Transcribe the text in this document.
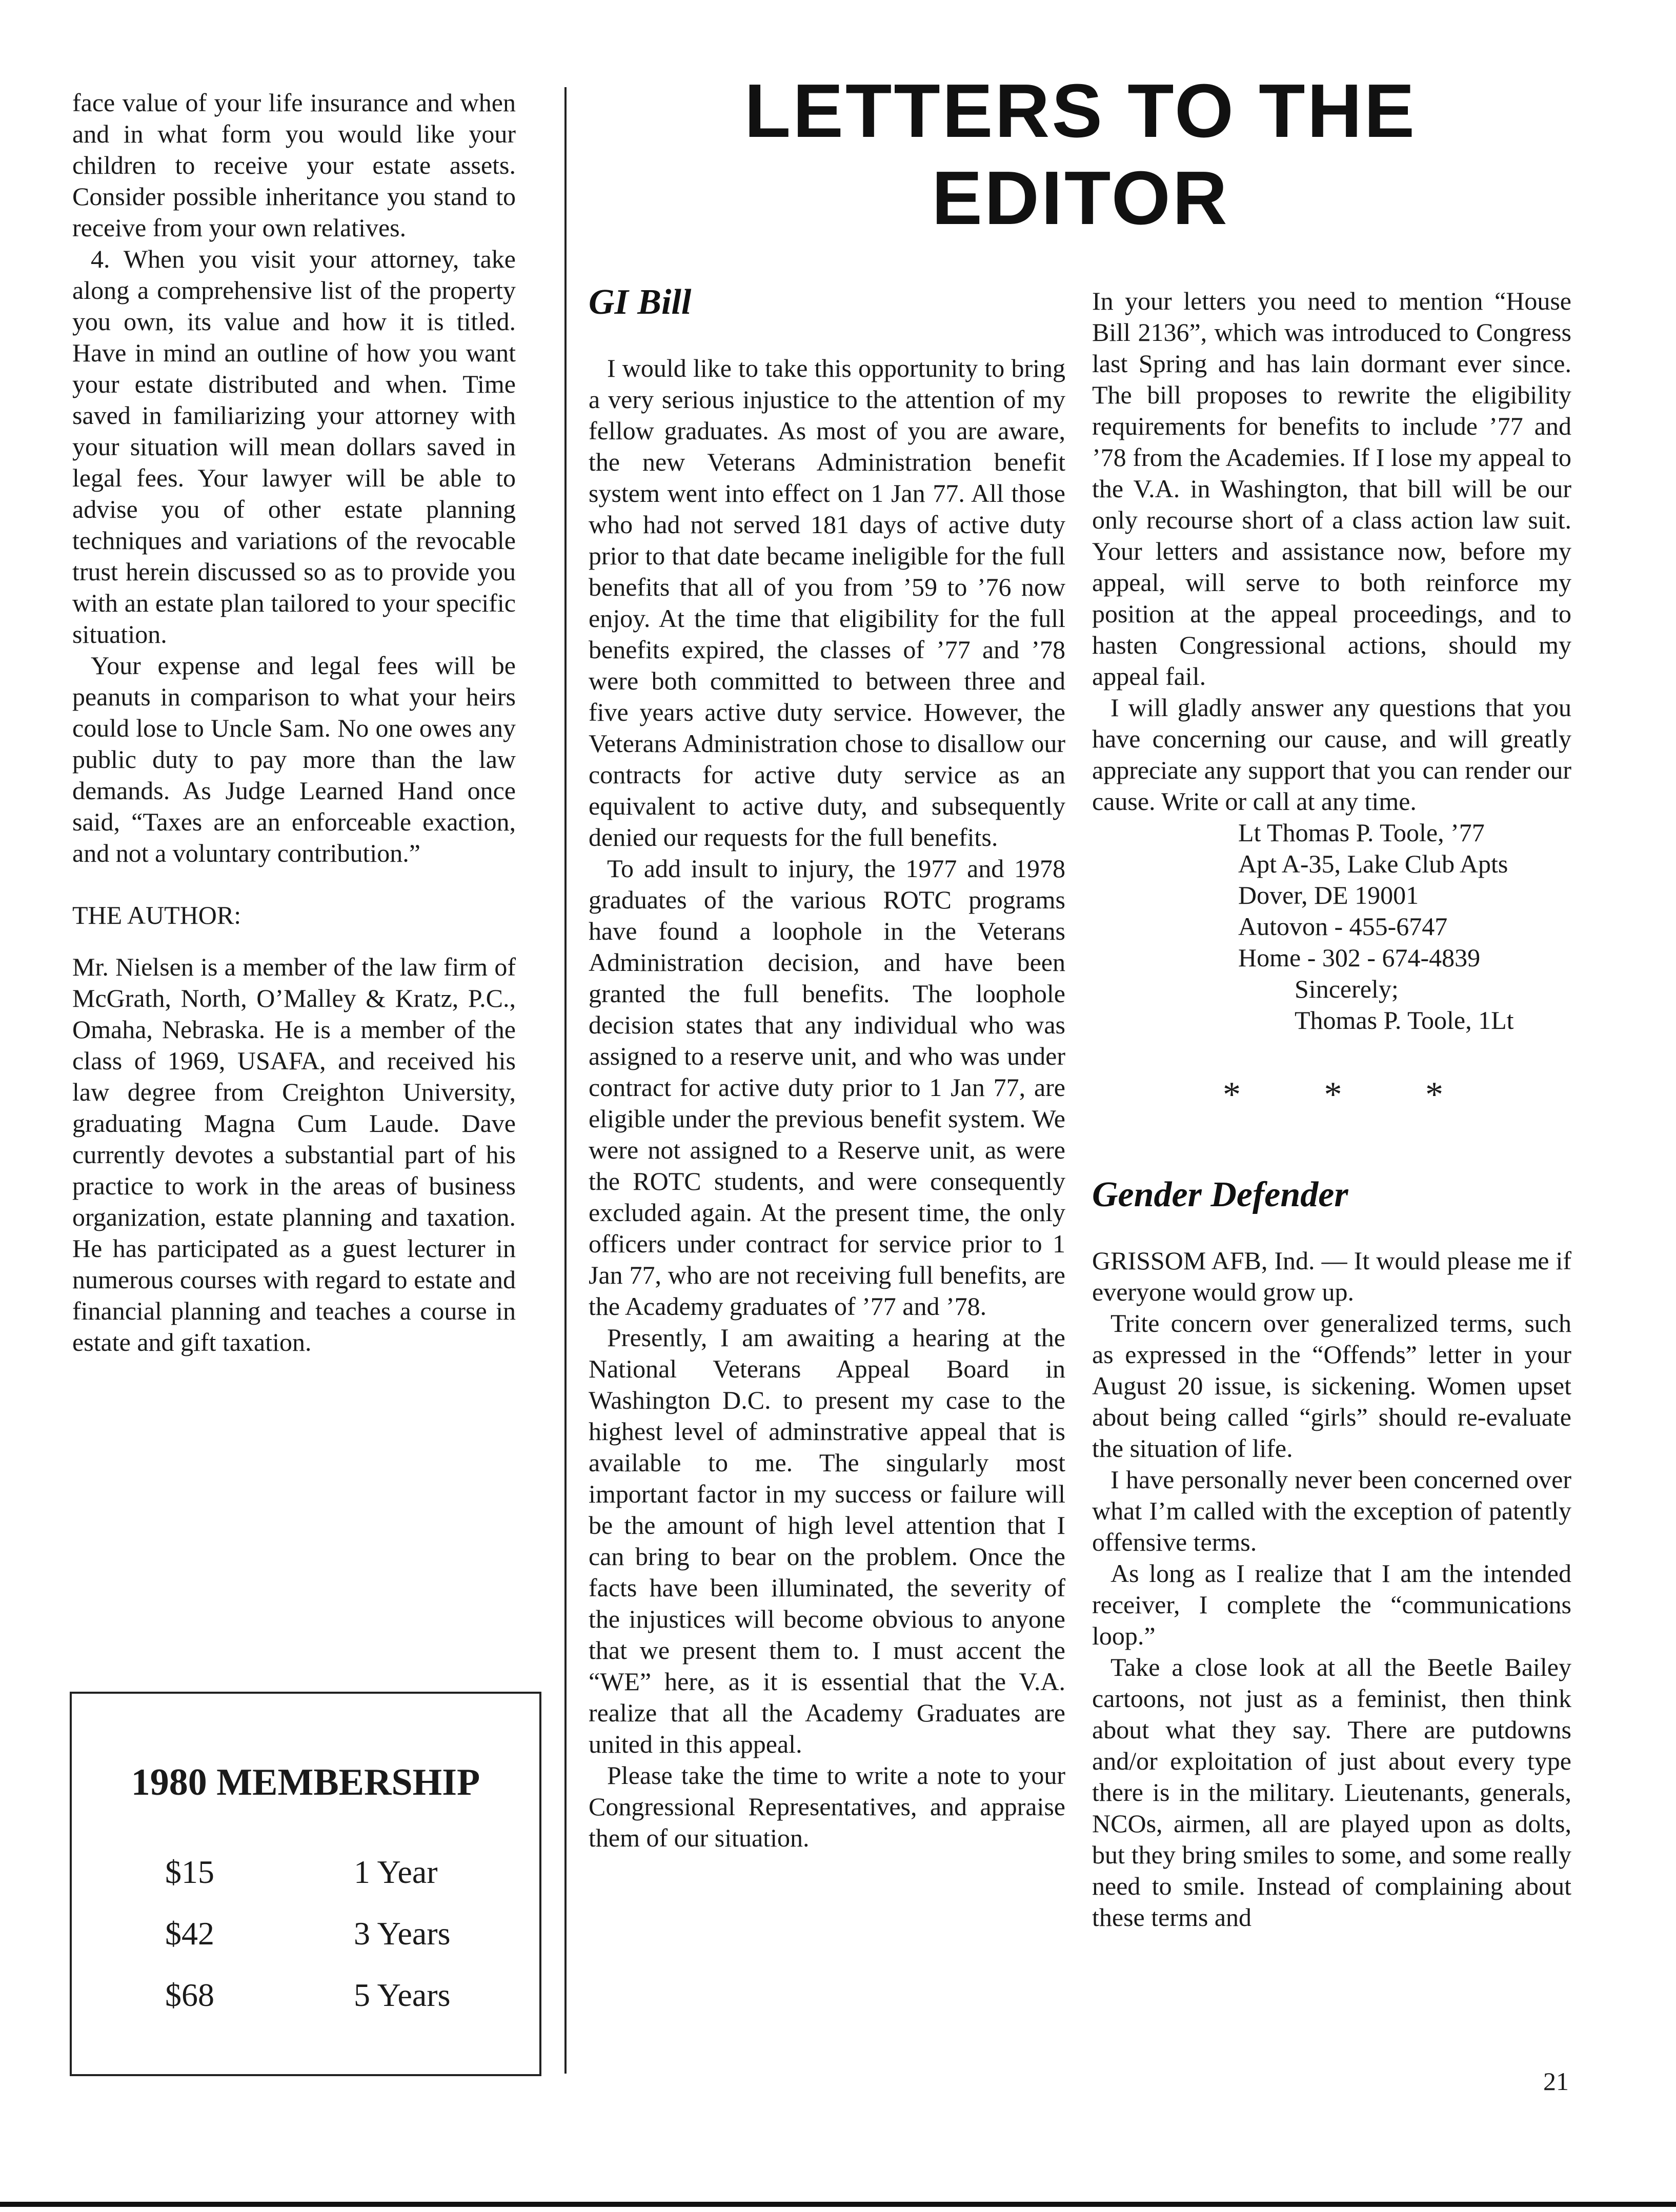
face value of your life insurance and when and in what form you would like your children to receive your estate assets. Consider possible inheritance you stand to receive from your own relatives.

4. When you visit your attorney, take along a comprehensive list of the property you own, its value and how it is titled. Have in mind an outline of how you want your estate distributed and when. Time saved in familiarizing your attorney with your situation will mean dollars saved in legal fees. Your lawyer will be able to advise you of other estate planning techniques and variations of the revocable trust herein discussed so as to provide you with an estate plan tailored to your specific situation.

Your expense and legal fees will be peanuts in comparison to what your heirs could lose to Uncle Sam. No one owes any public duty to pay more than the law demands. As Judge Learned Hand once said, “Taxes are an enforceable exaction, and not a voluntary contribution.”

THE AUTHOR:

Mr. Nielsen is a member of the law firm of McGrath, North, O’Malley & Kratz, P.C., Omaha, Nebraska. He is a member of the class of 1969, USAFA, and received his law degree from Creighton University, graduating Magna Cum Laude. Dave currently devotes a substantial part of his practice to work in the areas of business organization, estate planning and taxation. He has participated as a guest lecturer in numerous courses with regard to estate and financial planning and teaches a course in estate and gift taxation.

1980 MEMBERSHIP

$15	1 Year
$42	3 Years
$68	5 Years
LETTERS TO THE EDITOR
GI Bill

I would like to take this opportunity to bring a very serious injustice to the attention of my fellow graduates. As most of you are aware, the new Veterans Administration benefit system went into effect on 1 Jan 77. All those who had not served 181 days of active duty prior to that date became ineligible for the full benefits that all of you from ’59 to ’76 now enjoy. At the time that eligibility for the full benefits expired, the classes of ’77 and ’78 were both committed to between three and five years active duty service. However, the Veterans Administration chose to disallow our contracts for active duty service as an equivalent to active duty, and subsequently denied our requests for the full benefits.

To add insult to injury, the 1977 and 1978 graduates of the various ROTC programs have found a loophole in the Veterans Administration decision, and have been granted the full benefits. The loophole decision states that any individual who was assigned to a reserve unit, and who was under contract for active duty prior to 1 Jan 77, are eligible under the previous benefit system. We were not assigned to a Reserve unit, as were the ROTC students, and were consequently excluded again. At the present time, the only officers under contract for service prior to 1 Jan 77, who are not receiving full benefits, are the Academy graduates of ’77 and ’78.

Presently, I am awaiting a hearing at the National Veterans Appeal Board in Washington D.C. to present my case to the highest level of adminstrative appeal that is available to me. The singularly most important factor in my success or failure will be the amount of high level attention that I can bring to bear on the problem. Once the facts have been illuminated, the severity of the injustices will become obvious to anyone that we present them to. I must accent the “WE” here, as it is essential that the V.A. realize that all the Academy Graduates are united in this appeal.

Please take the time to write a note to your Congressional Representatives, and appraise them of our situation.

In your letters you need to mention “House Bill 2136”, which was introduced to Congress last Spring and has lain dormant ever since. The bill proposes to rewrite the eligibility requirements for benefits to include ’77 and ’78 from the Academies. If I lose my appeal to the V.A. in Washington, that bill will be our only recourse short of a class action law suit. Your letters and assistance now, before my appeal, will serve to both reinforce my position at the appeal proceedings, and to hasten Congressional actions, should my appeal fail.

I will gladly answer any questions that you have concerning our cause, and will greatly appreciate any support that you can render our cause. Write or call at any time.

Lt Thomas P. Toole, ’77

Apt A-35, Lake Club Apts

Dover, DE 19001

Autovon - 455-6747

Home - 302 - 674-4839

Sincerely;

Thomas P. Toole, 1Lt

* * *
Gender Defender

GRISSOM AFB, Ind. — It would please me if everyone would grow up.

Trite concern over generalized terms, such as expressed in the “Offends” letter in your August 20 issue, is sickening. Women upset about being called “girls” should re-evaluate the situation of life.

I have personally never been concerned over what I’m called with the exception of patently offensive terms.

As long as I realize that I am the intended receiver, I complete the “communications loop.”

Take a close look at all the Beetle Bailey cartoons, not just as a feminist, then think about what they say. There are putdowns and/or exploitation of just about every type there is in the military. Lieutenants, generals, NCOs, airmen, all are played upon as dolts, but they bring smiles to some, and some really need to smile. Instead of complaining about these terms and

21
